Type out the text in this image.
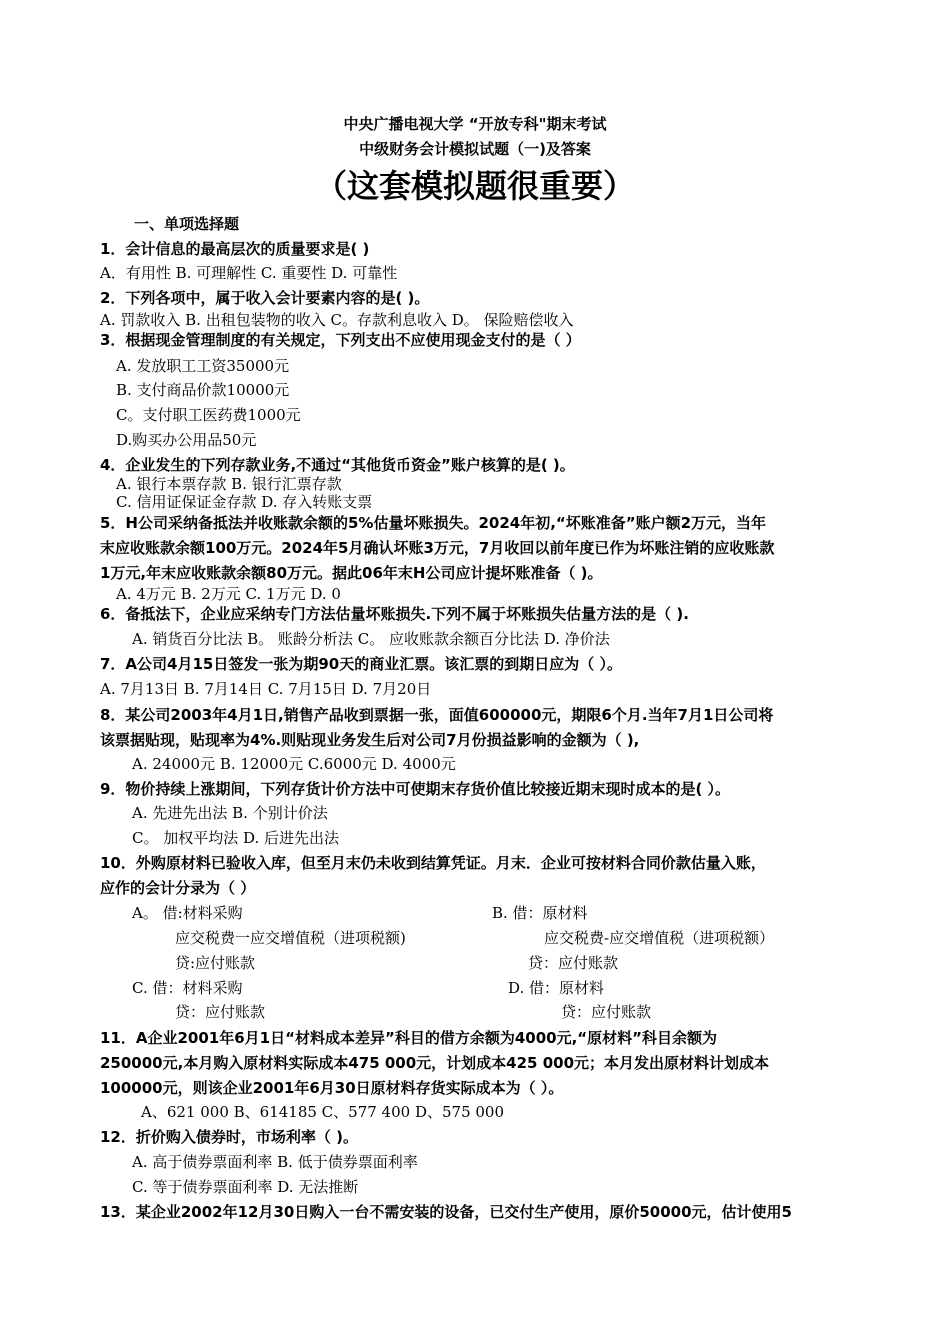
中央广播电视大学 “开放专科"期末考试
中级财务会计模拟试题（一)及答案
（这套模拟题很重要）
一、单项选择题
1．会计信息的最高层次的质量要求是( )
A．有用性 B. 可理解性 C. 重要性 D. 可靠性
2．下列各项中，属于收入会计要素内容的是( )。
A. 罚款收入 B. 出租包装物的收入 C。存款利息收入 D。 保险赔偿收入
3．根据现金管理制度的有关规定，下列支出不应使用现金支付的是（ ）
A. 发放职工工资35000元
B. 支付商品价款10000元
C。支付职工医药费1000元
D.购买办公用品50元
4．企业发生的下列存款业务,不通过“其他货币资金”账户核算的是( )。
A. 银行本票存款 B. 银行汇票存款
C. 信用证保证金存款 D. 存入转账支票
5．H公司采纳备抵法并收账款余额的5%估量坏账损失。2024年初,“坏账准备”账户额2万元，当年
末应收账款余额100万元。2024年5月确认坏账3万元，7月收回以前年度已作为坏账注销的应收账款
1万元,年末应收账款余额80万元。据此06年末H公司应计提坏账准备（ )。
A. 4万元 B. 2万元 C. 1万元 D. 0
6．备抵法下，企业应采纳专门方法估量坏账损失.下列不属于坏账损失估量方法的是（ ).
A. 销货百分比法 B。 账龄分析法 C。 应收账款余额百分比法 D. 净价法
7．A公司4月15日签发一张为期90天的商业汇票。该汇票的到期日应为（ ）。
A. 7月13日 B. 7月14日 C. 7月15日 D. 7月20日
8．某公司2003年4月1日,销售产品收到票据一张，面值600000元，期限6个月.当年7月1日公司将
该票据贴现，贴现率为4%.则贴现业务发生后对公司7月份损益影响的金额为（ ),
A. 24000元 B. 12000元 C.6000元 D. 4000元
9．物价持续上涨期间，下列存货计价方法中可使期末存货价值比较接近期末现时成本的是( ）。
A. 先进先出法 B. 个别计价法
C。 加权平均法 D. 后进先出法
10．外购原材料已验收入库，但至月末仍未收到结算凭证。月末．企业可按材料合同价款估量入账，
应作的会计分录为（ ）
A。 借:材料采购
应交税费一应交增值税（进项税额)
贷:应付账款
B. 借：原材料
应交税费-应交增值税（进项税额）
贷：应付账款
C. 借：材料采购
贷：应付账款
D. 借：原材料
贷：应付账款
11．A企业2001年6月1日“材料成本差异”科目的借方余额为4000元,“原材料”科目余额为
250000元,本月购入原材料实际成本475 000元，计划成本425 000元；本月发出原材料计划成本
100000元，则该企业2001年6月30日原材料存货实际成本为（ ）。
A、621 000 B、614185 C、577 400 D、575 000
12．折价购入债券时，市场利率（ )。
A. 高于债券票面利率 B. 低于债券票面利率
C. 等于债券票面利率 D. 无法推断
13．某企业2002年12月30日购入一台不需安装的设备，已交付生产使用，原价50000元，估计使用5
